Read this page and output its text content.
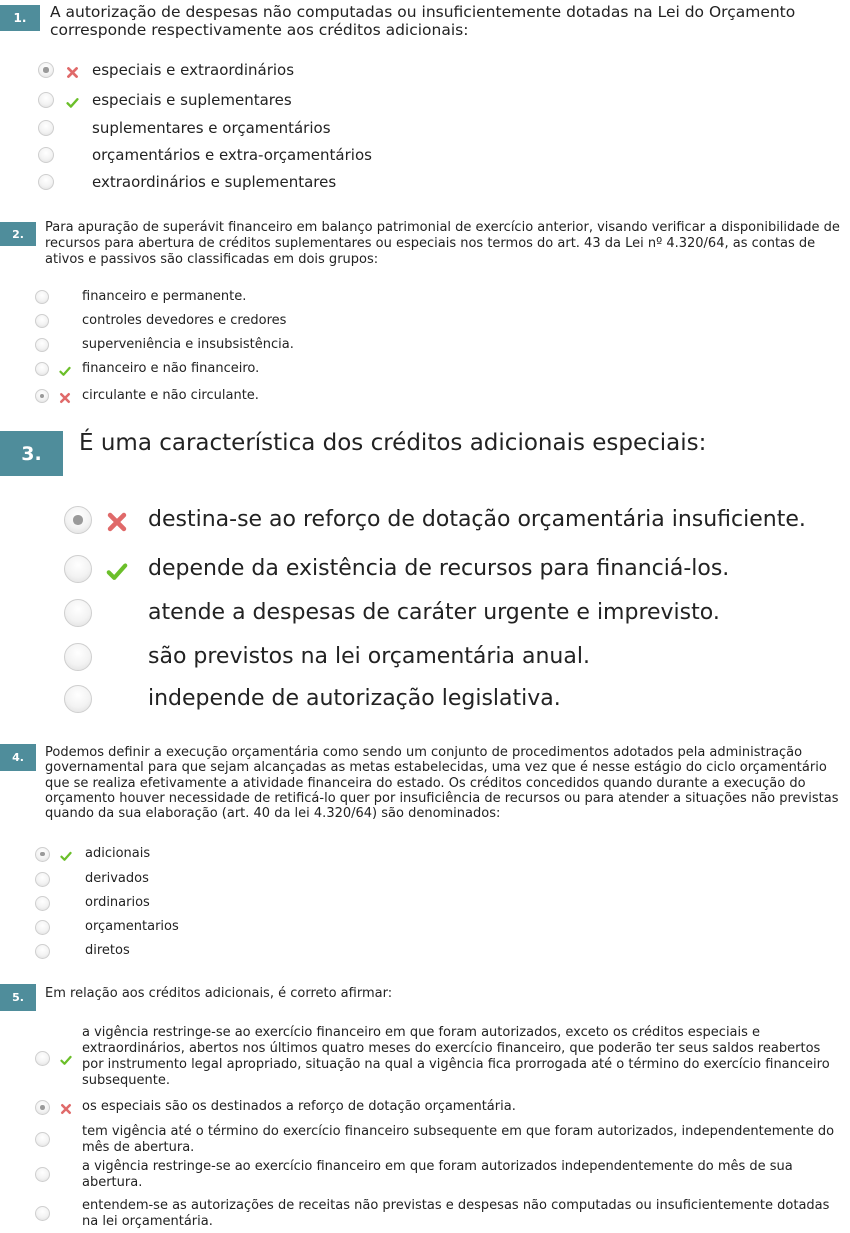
1.	A autorização de despesas não computadas ou insuficientemente dotadas na Lei do Orçamento corresponde respectivamente aos créditos adicionais:

especiais e extraordinários

especiais e suplementares

suplementares e orçamentários

orçamentários e extra-orçamentários

extraordinários e suplementares

2.	Para apuração de superávit financeiro em balanço patrimonial de exercício anterior, visando verificar a disponibilidade de recursos para abertura de créditos suplementares ou especiais nos termos do art. 43 da Lei nº 4.320/64, as contas de ativos e passivos são classificadas em dois grupos:

financeiro e permanente.

controles devedores e credores

superveniência e insubsistência.

financeiro e não financeiro.

circulante e não circulante.

3.	É uma característica dos créditos adicionais especiais:

destina-se ao reforço de dotação orçamentária insuficiente.

depende da existência de recursos para financiá-los.

atende a despesas de caráter urgente e imprevisto.

são previstos na lei orçamentária anual.

independe de autorização legislativa.

4.	Podemos definir a execução orçamentária como sendo um conjunto de procedimentos adotados pela administração governamental para que sejam alcançadas as metas estabelecidas, uma vez que é nesse estágio do ciclo orçamentário que se realiza efetivamente a atividade financeira do estado. Os créditos concedidos quando durante a execução do orçamento houver necessidade de retificá-lo quer por insuficiência de recursos ou para atender a situações não previstas quando da sua elaboração (art. 40 da lei 4.320/64) são denominados:

adicionais

derivados

ordinarios

orçamentarios

diretos

5.	Em relação aos créditos adicionais, é correto afirmar:

a vigência restringe-se ao exercício financeiro em que foram autorizados, exceto os créditos especiais e extraordinários, abertos nos últimos quatro meses do exercício financeiro, que poderão ter seus saldos reabertos por instrumento legal apropriado, situação na qual a vigência fica prorrogada até o término do exercício financeiro subsequente.

os especiais são os destinados a reforço de dotação orçamentária.

tem vigência até o término do exercício financeiro subsequente em que foram autorizados, independentemente do mês de abertura.

a vigência restringe-se ao exercício financeiro em que foram autorizados independentemente do mês de sua abertura.

entendem-se as autorizações de receitas não previstas e despesas não computadas ou insuficientemente dotadas na lei orçamentária.
